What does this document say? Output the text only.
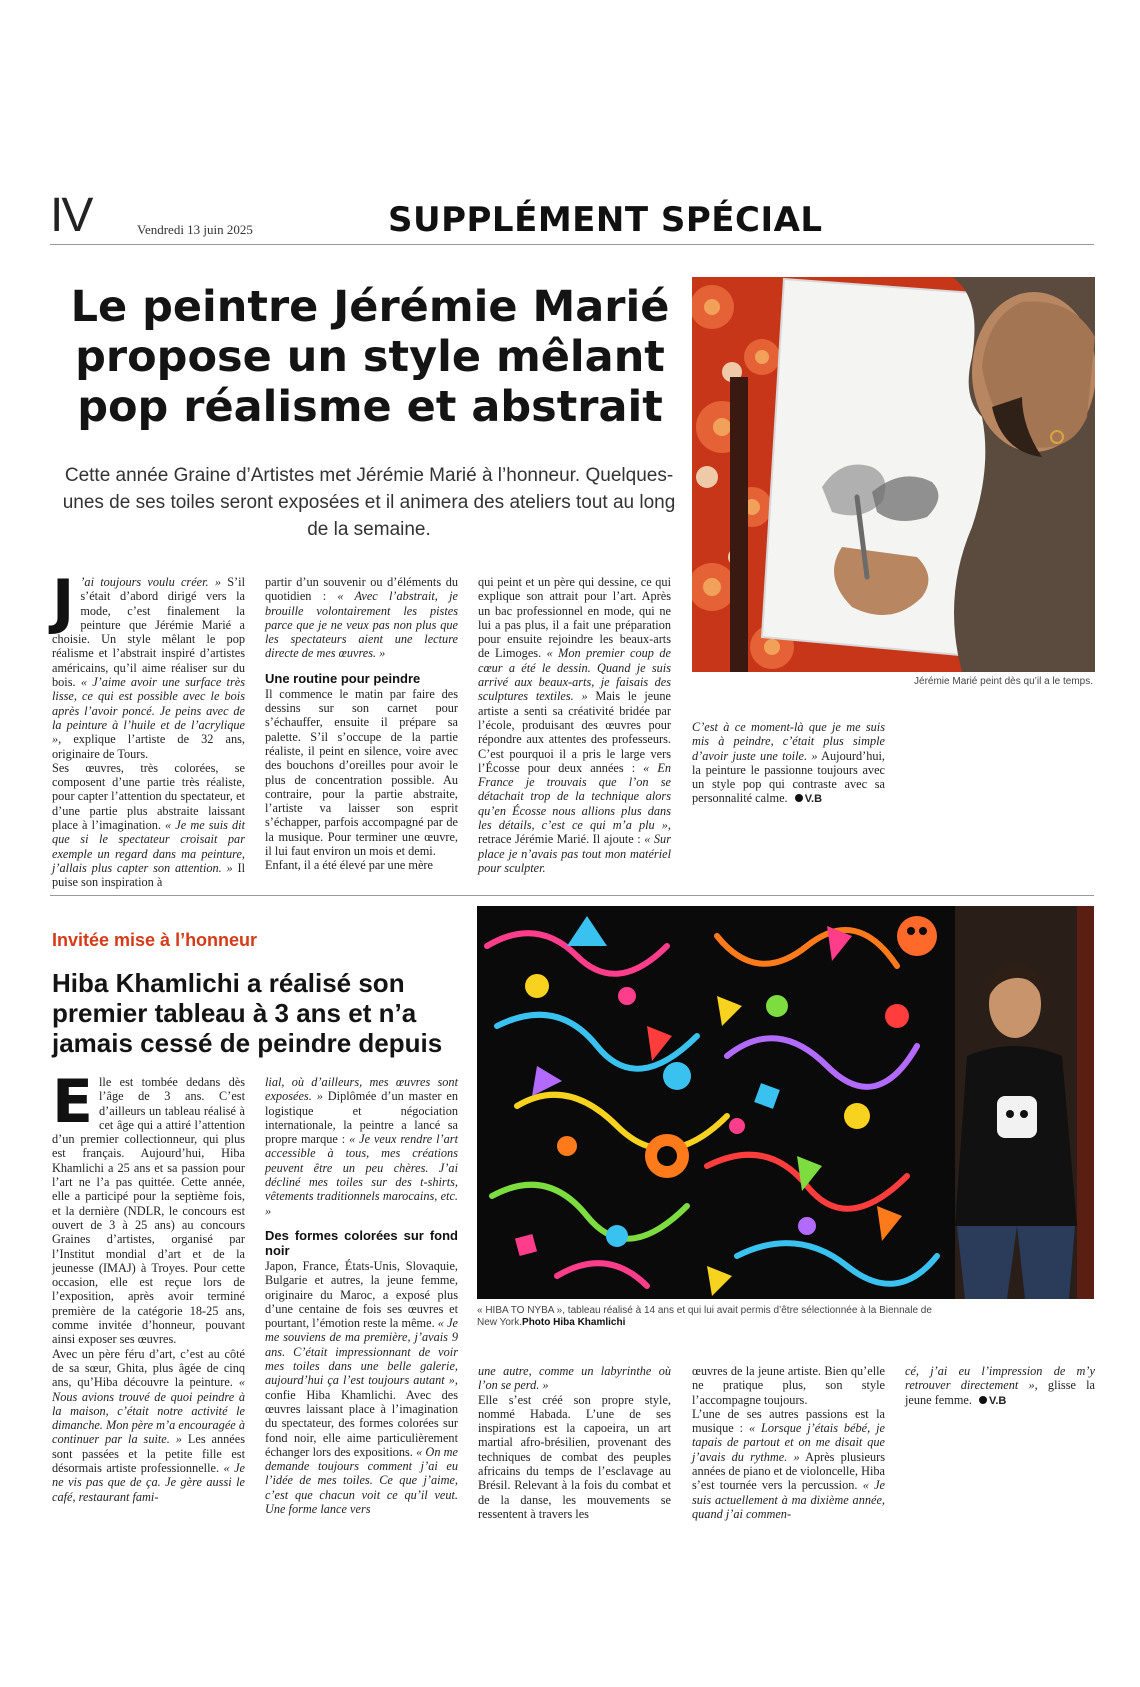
IV	Vendredi 13 juin 2025	SUPPLÉMENT SPÉCIAL
Le peintre Jérémie Marié propose un style mêlant pop réalisme et abstrait
Cette année Graine d’Artistes met Jérémie Marié à l’honneur. Quelques-unes de ses toiles seront exposées et il animera des ateliers tout au long de la semaine.

J ’ai toujours voulu créer. » S’il s’était d’abord dirigé vers la mode, c’est finalement la peinture que Jérémie Marié a choisie. Un style mêlant le pop réalisme et l’abstrait inspiré d’artistes américains, qu’il aime réaliser sur du bois. « J’aime avoir une surface très lisse, ce qui est possible avec le bois après l’avoir poncé. Je peins avec de la peinture à l’huile et de l’acrylique », explique l’artiste de 32 ans, originaire de Tours.

Ses œuvres, très colorées, se composent d’une partie très réaliste, pour capter l’attention du spectateur, et d’une partie plus abstraite laissant place à l’imagination. « Je me suis dit que si le spectateur croisait par exemple un regard dans ma peinture, j’allais plus capter son attention. » Il puise son inspiration à

partir d’un souvenir ou d’éléments du quotidien : « Avec l’abstrait, je brouille volontairement les pistes parce que je ne veux pas non plus que les spectateurs aient une lecture directe de mes œuvres. »

Une routine pour peindre

Il commence le matin par faire des dessins sur son carnet pour s’échauffer, ensuite il prépare sa palette. S’il s’occupe de la partie réaliste, il peint en silence, voire avec des bouchons d’oreilles pour avoir le plus de concentration possible. Au contraire, pour la partie abstraite, l’artiste va laisser son esprit s’échapper, parfois accompagné par de la musique. Pour terminer une œuvre, il lui faut environ un mois et demi.

Enfant, il a été élevé par une mère

qui peint et un père qui dessine, ce qui explique son attrait pour l’art. Après un bac professionnel en mode, qui ne lui a pas plus, il a fait une préparation pour ensuite rejoindre les beaux-arts de Limoges. « Mon premier coup de cœur a été le dessin. Quand je suis arrivé aux beaux-arts, je faisais des sculptures textiles. » Mais le jeune artiste a senti sa créativité bridée par l’école, produisant des œuvres pour répondre aux attentes des professeurs. C’est pourquoi il a pris le large vers l’Écosse pour deux années : « En France je trouvais que l’on se détachait trop de la technique alors qu’en Écosse nous allions plus dans les détails, c’est ce qui m’a plu », retrace Jérémie Marié. Il ajoute : « Sur place je n’avais pas tout mon matériel pour sculpter.

C’est à ce moment-là que je me suis mis à peindre, c’était plus simple d’avoir juste une toile. » Aujourd’hui, la peinture le passionne toujours avec un style pop qui contraste avec sa personnalité calme. V.B

Jérémie Marié peint dès qu’il a le temps.
Invitée mise à l’honneur
Hiba Khamlichi a réalisé son premier tableau à 3 ans et n’a jamais cessé de peindre depuis

Elle est tombée dedans dès l’âge de 3 ans. C’est d’ailleurs un tableau réalisé à cet âge qui a attiré l’attention d’un premier collectionneur, qui plus est français. Aujourd’hui, Hiba Khamlichi a 25 ans et sa passion pour l’art ne l’a pas quittée. Cette année, elle a participé pour la septième fois, et la dernière (NDLR, le concours est ouvert de 3 à 25 ans) au concours Graines d’artistes, organisé par l’Institut mondial d’art et de la jeunesse (IMAJ) à Troyes. Pour cette occasion, elle est reçue lors de l’exposition, après avoir terminé première de la catégorie 18-25 ans, comme invitée d’honneur, pouvant ainsi exposer ses œuvres.

Avec un père féru d’art, c’est au côté de sa sœur, Ghita, plus âgée de cinq ans, qu’Hiba découvre la peinture. « Nous avions trouvé de quoi peindre à la maison, c’était notre activité le dimanche. Mon père m’a encouragée à continuer par la suite. » Les années sont passées et la petite fille est désormais artiste professionnelle. « Je ne vis pas que de ça. Je gère aussi le café, restaurant fami-

lial, où d’ailleurs, mes œuvres sont exposées. » Diplômée d’un master en logistique et négociation internationale, la peintre a lancé sa propre marque : « Je veux rendre l’art accessible à tous, mes créations peuvent être un peu chères. J’ai décliné mes toiles sur des t-shirts, vêtements traditionnels marocains, etc. »

Des formes colorées sur fond noir

Japon, France, États-Unis, Slovaquie, Bulgarie et autres, la jeune femme, originaire du Maroc, a exposé plus d’une centaine de fois ses œuvres et pourtant, l’émotion reste la même. « Je me souviens de ma première, j’avais 9 ans. C’était impressionnant de voir mes toiles dans une belle galerie, aujourd’hui ça l’est toujours autant », confie Hiba Khamlichi. Avec des œuvres laissant place à l’imagination du spectateur, des formes colorées sur fond noir, elle aime particulièrement échanger lors des expositions. « On me demande toujours comment j’ai eu l’idée de mes toiles. Ce que j’aime, c’est que chacun voit ce qu’il veut. Une forme lance vers

« HIBA TO NYBA », tableau réalisé à 14 ans et qui lui avait permis d’être sélectionnée à la Biennale de New York.Photo Hiba Khamlichi

une autre, comme un labyrinthe où l’on se perd. »

Elle s’est créé son propre style, nommé Habada. L’une de ses inspirations est la capoeira, un art martial afro-brésilien, provenant des techniques de combat des peuples africains du temps de l’esclavage au Brésil. Relevant à la fois du combat et de la danse, les mouvements se ressentent à travers les

œuvres de la jeune artiste. Bien qu’elle ne pratique plus, son style l’accompagne toujours.

L’une de ses autres passions est la musique : « Lorsque j’étais bébé, je tapais de partout et on me disait que j’avais du rythme. » Après plusieurs années de piano et de violoncelle, Hiba s’est tournée vers la percussion. « Je suis actuellement à ma dixième année, quand j’ai commen-

cé, j’ai eu l’impression de m’y retrouver directement », glisse la jeune femme. V.B
